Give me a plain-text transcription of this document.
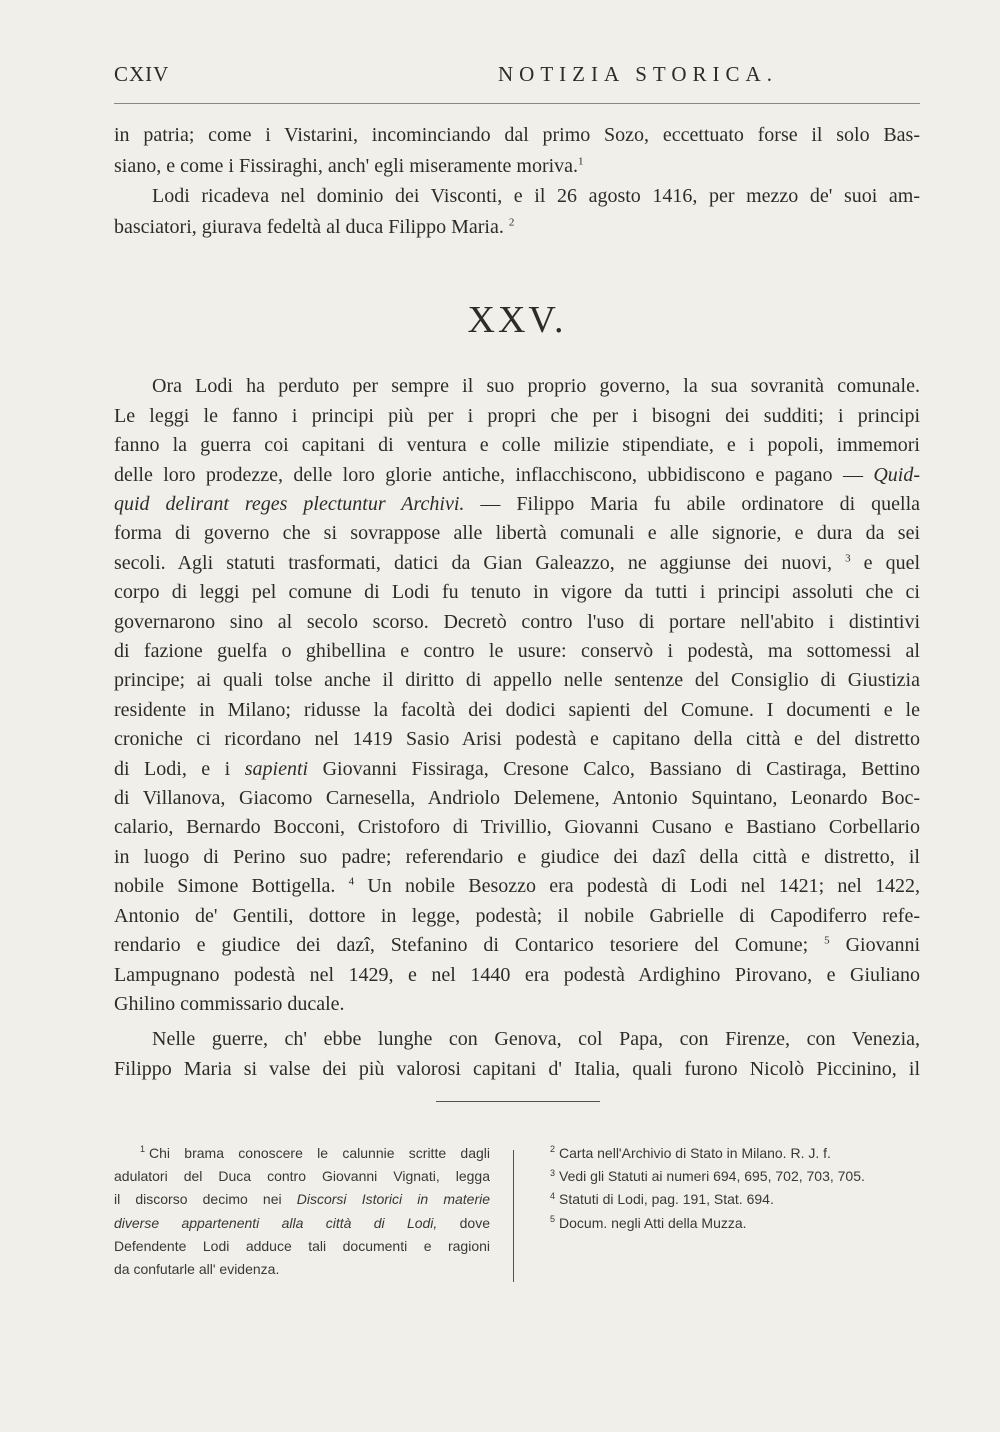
CXIV	NOTIZIA STORICA.
in patria; come i Vistarini, incominciando dal primo Sozo, eccettuato forse il solo Bas-
siano, e come i Fissiraghi, anch' egli miseramente moriva.$^1$
Lodi ricadeva nel dominio dei Visconti, e il 26 agosto 1416, per mezzo de' suoi am-
basciatori, giurava fedeltà al duca Filippo Maria. $^2$
XXV.
Ora Lodi ha perduto per sempre il suo proprio governo, la sua sovranità comunale.
Le leggi le fanno i principi più per i propri che per i bisogni dei sudditi; i principi
fanno la guerra coi capitani di ventura e colle milizie stipendiate, e i popoli, immemori
delle loro prodezze, delle loro glorie antiche, inflacchiscono, ubbidiscono e pagano — Quid-
quid delirant reges plectuntur Archivi. — Filippo Maria fu abile ordinatore di quella
forma di governo che si sovrappose alle libertà comunali e alle signorie, e dura da sei
secoli. Agli statuti trasformati, datici da Gian Galeazzo, ne aggiunse dei nuovi, $^3$ e quel
corpo di leggi pel comune di Lodi fu tenuto in vigore da tutti i principi assoluti che ci
governarono sino al secolo scorso. Decretò contro l'uso di portare nell'abito i distintivi
di fazione guelfa o ghibellina e contro le usure: conservò i podestà, ma sottomessi al
principe; ai quali tolse anche il diritto di appello nelle sentenze del Consiglio di Giustizia
residente in Milano; ridusse la facoltà dei dodici sapienti del Comune. I documenti e le
croniche ci ricordano nel 1419 Sasio Arisi podestà e capitano della città e del distretto
di Lodi, e i sapienti Giovanni Fissiraga, Cresone Calco, Bassiano di Castiraga, Bettino
di Villanova, Giacomo Carnesella, Andriolo Delemene, Antonio Squintano, Leonardo Boc-
calario, Bernardo Bocconi, Cristoforo di Trivillio, Giovanni Cusano e Bastiano Corbellario
in luogo di Perino suo padre; referendario e giudice dei dazî della città e distretto, il
nobile Simone Bottigella. $^4$ Un nobile Besozzo era podestà di Lodi nel 1421; nel 1422,
Antonio de' Gentili, dottore in legge, podestà; il nobile Gabrielle di Capodiferro refe-
rendario e giudice dei dazî, Stefanino di Contarico tesoriere del Comune; $^5$ Giovanni
Lampugnano podestà nel 1429, e nel 1440 era podestà Ardighino Pirovano, e Giuliano
Ghilino commissario ducale.
Nelle guerre, ch' ebbe lunghe con Genova, col Papa, con Firenze, con Venezia,
Filippo Maria si valse dei più valorosi capitani d' Italia, quali furono Nicolò Piccinino, il
$^1$ Chi brama conoscere le calunnie scritte dagli
adulatori del Duca contro Giovanni Vignati, legga
il discorso decimo nei Discorsi Istorici in materie
diverse appartenenti alla città di Lodi, dove
Defendente Lodi adduce tali documenti e ragioni
da confutarle all' evidenza.
$^2$ Carta nell'Archivio di Stato in Milano. R. J. f.
$^3$ Vedi gli Statuti ai numeri 694, 695, 702, 703, 705.
$^4$ Statuti di Lodi, pag. 191, Stat. 694.
$^5$ Docum. negli Atti della Muzza.
